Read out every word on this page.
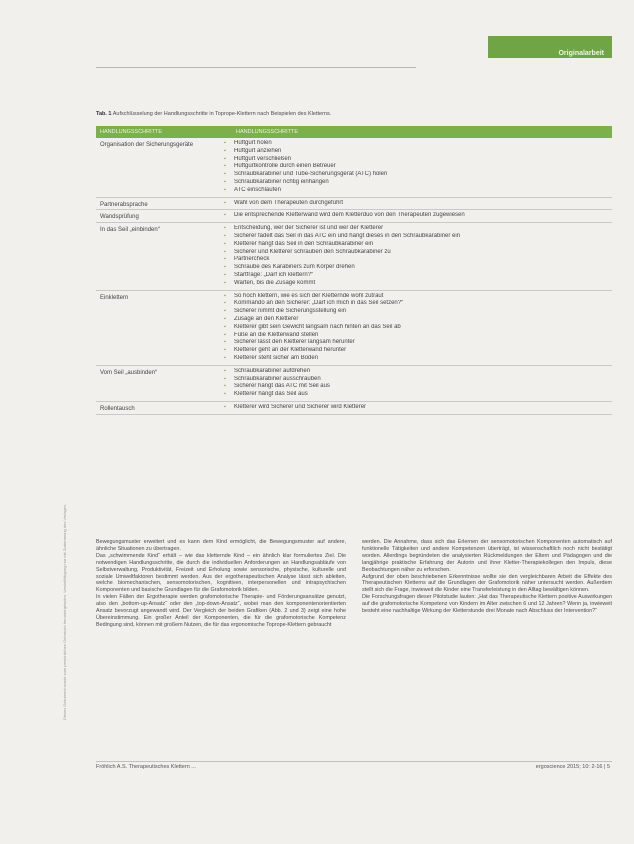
Originalarbeit
Dieses Dokument wurde zum persönlichen Gebrauch heruntergeladen. Vervielfältigung nur mit Zustimmung des Verlages.
Tab. 1 Aufschlüsselung der Handlungsschritte in Toprope-Klettern nach Beispielen des Kletterns.
HANDLUNGSSCHRITTE	HANDLUNGSSCHRITTE
Organisation der Sicherungsgeräte	▪ Hüftgurt holen
▪ Hüftgurt anziehen
▪ Hüftgurt verschließen
▪ Hüftgurtkontrolle durch einen Betreuer
▪ Schraubkarabiner und Tube-Sicherungsgerät (ATC) holen
▪ Schraubkarabiner richtig einhängen
▪ ATC einschlaufen
Partnerabsprache	▪ Wahl von dem Therapeuten durchgeführt
Wandsprüfung	▪ Die entsprechende Kletterwand wird dem Kletterduo von den Therapeuten zugewiesen
In das Seil „einbinden“	▪ Entscheidung, wer der Sicherer ist und wer der Kletterer
▪ Sicherer fädelt das Seil in das ATC ein und hängt dieses in den Schraubkarabiner ein
▪ Kletterer hängt das Seil in den Schraubkarabiner ein
▪ Sicherer und Kletterer schrauben den Schraubkarabiner zu
▪ Partnercheck
▪ Schraube des Karabiners zum Körper drehen
▪ Startfrage: „Darf ich klettern?“
▪ Warten, bis die Zusage kommt
Einklettern	▪ So hoch klettern, wie es sich der Kletternde wohl zutraut
▪ Kommando an den Sicherer: „Darf ich mich in das Seil setzen?“
▪ Sicherer nimmt die Sicherungsstellung ein
▪ Zusage an den Kletterer
▪ Kletterer gibt sein Gewicht langsam nach hinten an das Seil ab
▪ Füße an die Kletterwand stellen
▪ Sicherer lässt den Kletterer langsam herunter
▪ Kletterer geht an der Kletterwand herunter
▪ Kletterer steht sicher am Boden
Vom Seil „ausbinden“	▪ Schraubkarabiner aufdrehen
▪ Schraubkarabiner ausschrauben
▪ Sicherer hängt das ATC mit Seil aus
▪ Kletterer hängt das Seil aus
Rollentausch	▪ Kletterer wird Sicherer und Sicherer wird Kletterer

Bewegungsmuster erweitert und es kann dem Kind ermöglicht, die Bewegungsmuster auf andere, ähnliche Situationen zu übertragen.

Das „schwimmende Kind“ erhält – wie das kletternde Kind – ein ähnlich klar formuliertes Ziel. Die notwendigen Handlungsschritte, die durch die individuellen Anforderungen an Handlungsabläufe von Selbstverwaltung, Produktivität, Freizeit und Erholung sowie sensorische, physische, kulturelle und soziale Umweltfaktoren bestimmt werden. Aus der ergotherapeutischen Analyse lässt sich ableiten, welche biomechanischen, sensomotorischen, kognitiven, interpersonellen und intrapsychischen Komponenten und basische Grundlagen für die Grafomotorik bilden.

In vielen Fällen der Ergotherapie werden grafomotorische Therapie- und Förderungsansätze genutzt, also den „bottom-up-Ansatz“ oder den „top-down-Ansatz“, wobei man den komponentenorientierten Ansatz bevorzugt angewandt wird. Der Vergleich der beiden Grafiken (Abb. 2 und 3) zeigt eine hohe Übereinstimmung. Ein großer Anteil der Komponenten, die für die grafomotorische Kompetenz Bedingung sind, können mit großem Nutzen, die für das ergonomische Toprope-Klettern gebraucht

werden. Die Annahme, dass sich das Erlernen der sensomotorischen Komponenten automatisch auf funktionelle Tätigkeiten und andere Kompetenzen überträgt, ist wissenschaftlich noch nicht bestätigt worden. Allerdings begründeten die analysierten Rückmeldungen der Eltern und Pädagogen und die langjährige praktische Erfahrung der Autorin und ihrer Kletter-Therapiekollegen den Impuls, diese Beobachtungen näher zu erforschen.

Aufgrund der oben beschriebenen Erkenntnisse wollte sie den vergleichbaren Arbeit die Effekte des Therapeutischen Kletterns auf die Grundlagen der Grafomotorik näher untersucht werden. Außerdem stellt sich die Frage, inwieweit die Kinder eine Transferleistung in den Alltag bewältigen können.

Die Forschungsfragen dieser Pilotstudie lauten: „Hat das Therapeutische Klettern positive Auswirkungen auf die grafomotorische Kompetenz von Kindern im Alter zwischen 6 und 12 Jahren? Wenn ja, inwieweit besteht eine nachhaltige Wirkung der Kletterstunde drei Monate nach Abschluss der Intervention?“

Fröhlich A.S. Therapeutisches Klettern ...	ergoscience 2015; 10: 2-16 | 5
